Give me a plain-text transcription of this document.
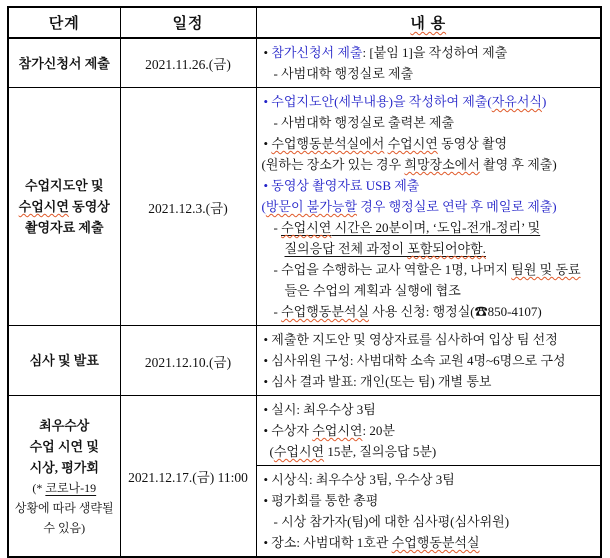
단계	일정	내 용

참가신청서 제출	2021.11.26.(금)	• 참가신청서 제출: [붙임 1]을 작성하여 제출
- 사범대학 행정실로 제출

수업지도안 및
수업시연 동영상
촬영자료 제출
	2021.12.3.(금)	
• 수업지도안(세부내용)을 작성하여 제출(자유서식)
- 사범대학 행정실로 출력본 제출
• 수업행동분석실에서 수업시연 동영상 촬영
(원하는 장소가 있는 경우 희망장소에서 촬영 후 제출)
• 동영상 촬영자료 USB 제출
(방문이 불가능할 경우 행정실로 연락 후 메일로 제출)
- 수업시연 시간은 20분이며, ‘도입-전개-정리’ 및
질의응답 전체 과정이 포함되어야함.
- 수업을 수행하는 교사 역할은 1명, 나머지 팀원 및 동료
들은 수업의 계획과 실행에 협조
- 수업행동분석실 사용 신청: 행정실(☎850-4107)

심사 및 발표	2021.12.10.(금)	• 제출한 지도안 및 영상자료를 심사하여 입상 팀 선정
• 심사위원 구성: 사범대학 소속 교원 4명~6명으로 구성
• 심사 결과 발표: 개인(또는 팀) 개별 통보

최우수상
수업 시연 및
시상, 평가회
(* 코로나-19
상황에 따라 생략될
수 있음)
	2021.12.17.(금) 11:00	
• 실시: 최우수상 3팀
• 수상자 수업시연: 20분
(수업시연 15분, 질의응답 5분)

		• 시상식: 최우수상 3팀, 우수상 3팀
• 평가회를 통한 총평
- 시상 참가자(팀)에 대한 심사평(심사위원)
• 장소: 사범대학 1호관 수업행동분석실
